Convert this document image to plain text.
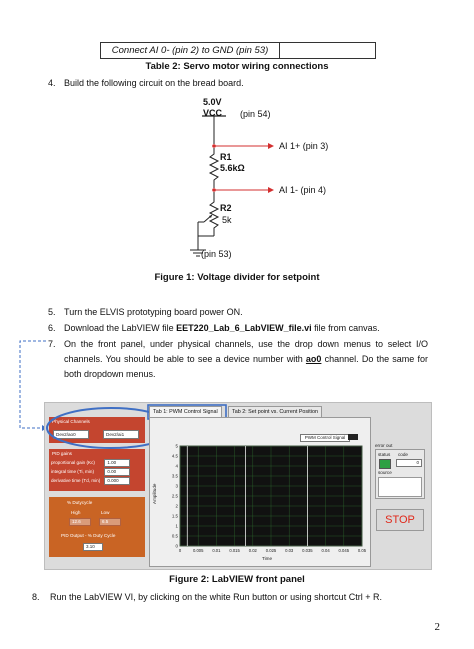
Connect AI 0- (pin 2) to GND (pin 53)
Table 2: Servo motor wiring connections
4. Build the following circuit on the bread board.
5.0V
VCC (pin 54)
AI 1+ (pin 3)
AI 1- (pin 4)
R1
5.6kΩ
R2
5k
(pin 53)
Figure 1: Voltage divider for setpoint
5. Turn the ELVIS prototyping board power ON.
6. Download the LabVIEW file EET220_Lab_6_LabVIEW_file.vi file from canvas.
7. On the front panel, under physical channels, use the drop down menus to select I/O channels. You should be able to see a device number with ao0 channel. Do the same for both dropdown menus.
Physical Channels
Dev2/ao0	Dev2/ai1
PID gains
proportional gain (Kc)	1.00
integral time (Ti, min)	0.00
derivative time (Td, min) 0.000
% Dutycycle
High	Low
12.6	6.5
PID Output - % Duty Cycle
3.10
Tab 1: PWM Control Signal	Tab 2: Set point vs. Current Position
PWM Control Signal
Amplitude
Time
5
4.5
4
3.5
3
2.5
2
1.5
1
0.5
0
0	0.005 0.01 0.015 0.02 0.025 0.03 0.035 0.04 0.045 0.05
error out
status code
0
source
STOP
Figure 2: LabVIEW front panel
8. Run the LabVIEW VI, by clicking on the white Run button or using shortcut Ctrl + R.
2
